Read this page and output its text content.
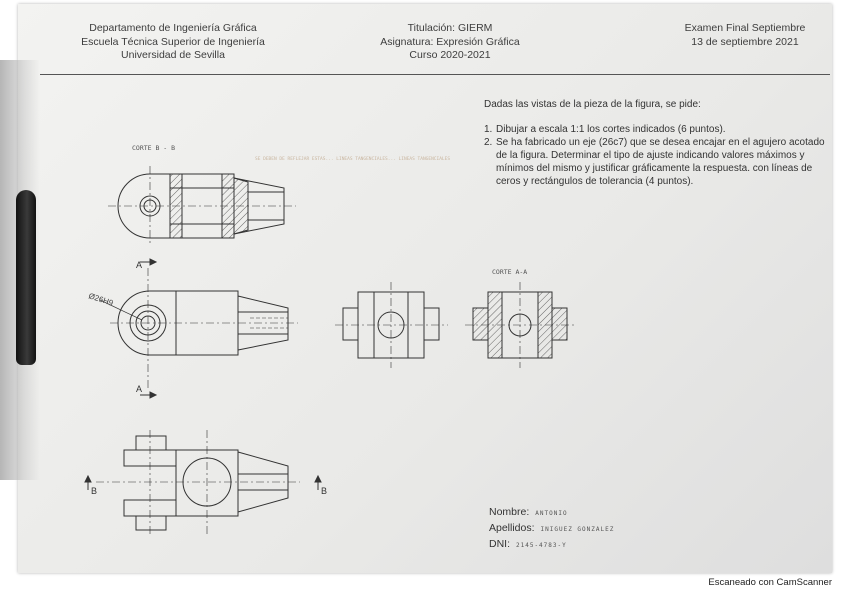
Departamento de Ingeniería Gráfica
Escuela Técnica Superior de Ingeniería
Universidad de Sevilla
Titulación: GIERM
Asignatura: Expresión Gráfica
Curso 2020-2021
Examen Final Septiembre
13 de septiembre 2021
Dadas las vistas de la pieza de la figura, se pide:
1. Dibujar a escala 1:1 los cortes indicados (6 puntos).
2. Se ha fabricado un eje (26c7) que se desea encajar en el agujero acotado de la figura. Determinar el tipo de ajuste indicando valores máximos y mínimos del mismo y justificar gráficamente la respuesta. con líneas de ceros y rectángulos de tolerancia (4 puntos).
CORTE B - B
CORTE A-A
Ø26H9
A
A
B	B
SE DEBEN DE REFLEJAR ESTAS... LINEAS TANGENCIALES... LINEAS TANGENCIALES
Nombre: ANTONIO
Apellidos: INIGUEZ GONZALEZ
DNI: 2145-4783-Y
Escaneado con CamScanner
